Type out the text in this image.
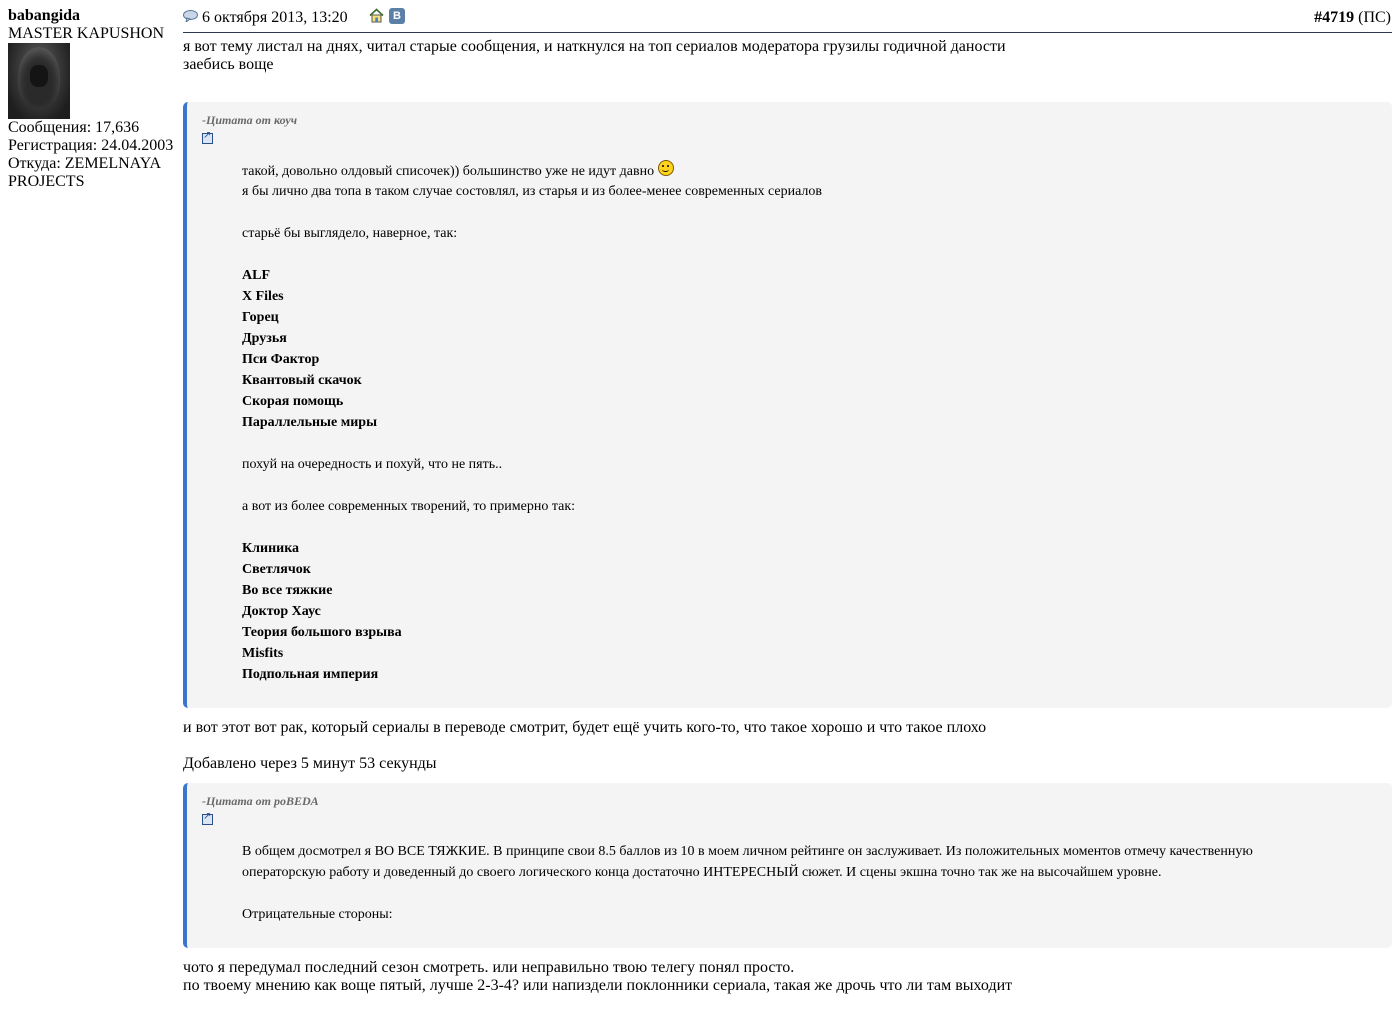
babangida
MASTER KAPUSHON
Сообщения: 17,636
Регистрация: 24.04.2003
Откуда: ZEMELNAYA
PROJECTS
6 октября 2013, 13:20	В	#4719 (ПС)
я вот тему листал на днях, читал старые сообщения, и наткнулся на топ сериалов модератора грузилы годичной даности
заебись воще
-Цитата от коуч
↗
такой, довольно олдовый списочек)) большинство уже не идут давно
я бы лично два топа в таком случае состовлял, из старья и из более-менее современных сериалов
старьё бы выглядело, наверное, так:
ALF
X Files
Горец
Друзья
Пси Фактор
Квантовый скачок
Скорая помощь
Параллельные миры
похуй на очередность и похуй, что не пять..
а вот из более современных творений, то примерно так:
Клиника
Светлячок
Во все тяжкие
Доктор Хаус
Теория большого взрыва
Misfits
Подпольная империя
и вот этот вот рак, который сериалы в переводе смотрит, будет ещё учить кого-то, что такое хорошо и что такое плохо
Добавлено через 5 минут 53 секунды
-Цитата от poBEDA
↗
В общем досмотрел я ВО ВСЕ ТЯЖКИЕ. В принципе свои 8.5 баллов из 10 в моем личном рейтинге он заслуживает. Из положительных моментов отмечу качественную
операторскую работу и доведенный до своего логического конца достаточно ИНТЕРЕСНЫЙ сюжет. И сцены экшна точно так же на высочайшем уровне.
Отрицательные стороны:
чото я передумал последний сезон смотреть. или неправильно твою телегу понял просто.
по твоему мнению как воще пятый, лучше 2-3-4? или напиздели поклонники сериала, такая же дрочь что ли там выходит
